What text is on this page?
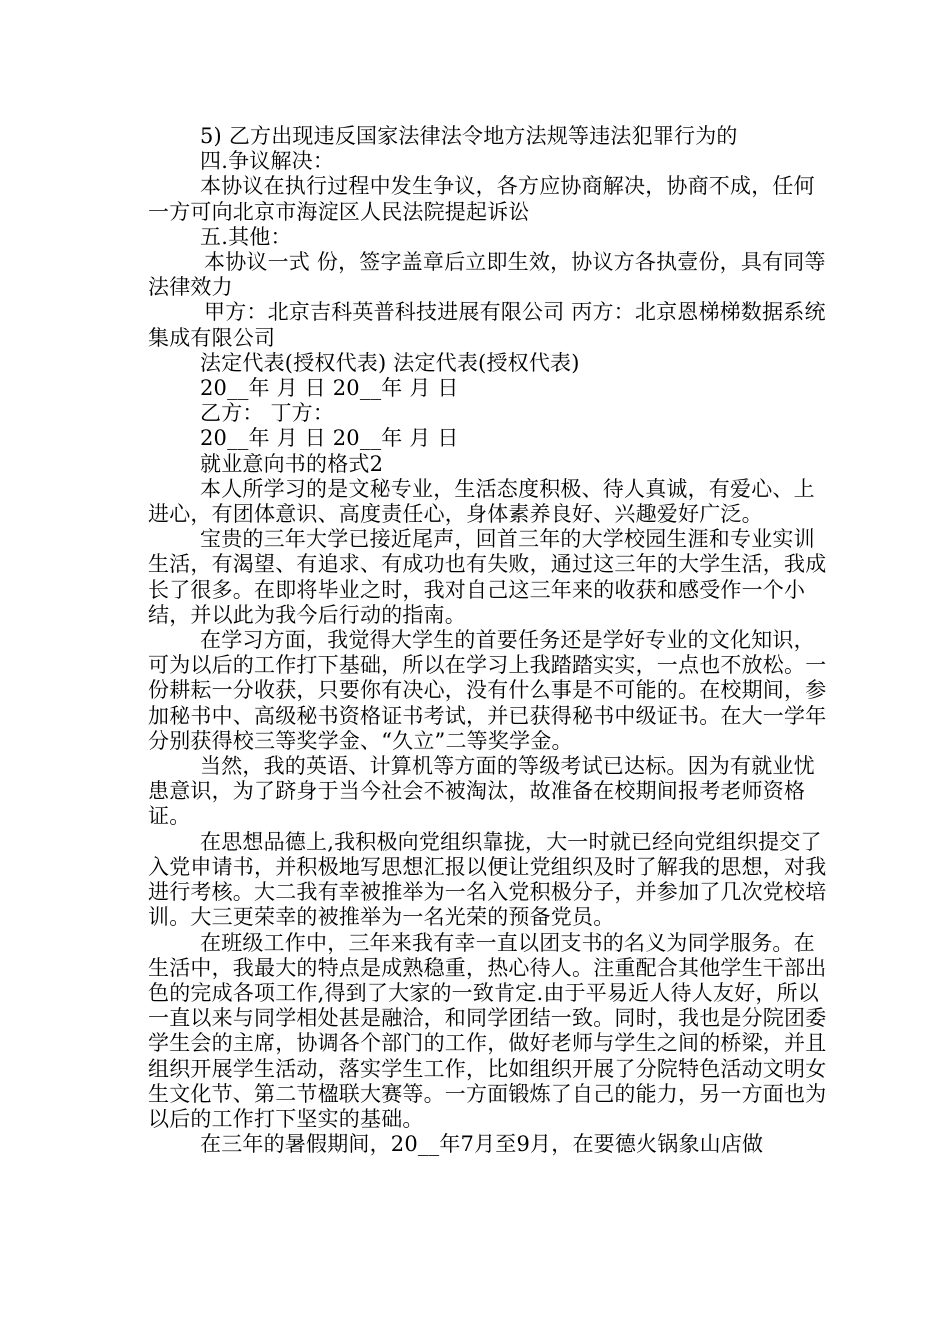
5) 乙方出现违反国家法律法令地方法规等违法犯罪行为的

四.争议解决：

本协议在执行过程中发生争议，各方应协商解决，协商不成，任何一方可向北京市海淀区人民法院提起诉讼

五.其他：

本协议一式 份，签字盖章后立即生效，协议方各执壹份，具有同等法律效力

甲方：北京吉科英普科技进展有限公司 丙方：北京恩梯梯数据系统集成有限公司

法定代表(授权代表) 法定代表(授权代表)

20__年 月 日 20__年 月 日

乙方： 丁方：

20__年 月 日 20__年 月 日

就业意向书的格式2

本人所学习的是文秘专业，生活态度积极、待人真诚，有爱心、上进心，有团体意识、高度责任心，身体素养良好、兴趣爱好广泛。

宝贵的三年大学已接近尾声，回首三年的大学校园生涯和专业实训生活，有渴望、有追求、有成功也有失败，通过这三年的大学生活，我成长了很多。在即将毕业之时，我对自己这三年来的收获和感受作一个小结，并以此为我今后行动的指南。

在学习方面，我觉得大学生的首要任务还是学好专业的文化知识，可为以后的工作打下基础，所以在学习上我踏踏实实，一点也不放松。一份耕耘一分收获，只要你有决心，没有什么事是不可能的。在校期间，参加秘书中、高级秘书资格证书考试，并已获得秘书中级证书。在大一学年分别获得校三等奖学金、“久立”二等奖学金。

当然，我的英语、计算机等方面的等级考试已达标。因为有就业忧患意识，为了跻身于当今社会不被淘汰，故准备在校期间报考老师资格证。

在思想品德上,我积极向党组织靠拢，大一时就已经向党组织提交了入党申请书，并积极地写思想汇报以便让党组织及时了解我的思想，对我进行考核。大二我有幸被推举为一名入党积极分子，并参加了几次党校培训。大三更荣幸的被推举为一名光荣的预备党员。

在班级工作中，三年来我有幸一直以团支书的名义为同学服务。在生活中，我最大的特点是成熟稳重，热心待人。注重配合其他学生干部出色的完成各项工作,得到了大家的一致肯定.由于平易近人待人友好，所以一直以来与同学相处甚是融洽，和同学团结一致。同时，我也是分院团委学生会的主席，协调各个部门的工作，做好老师与学生之间的桥梁，并且组织开展学生活动，落实学生工作，比如组织开展了分院特色活动文明女生文化节、第二节楹联大赛等。一方面锻炼了自己的能力，另一方面也为以后的工作打下坚实的基础。

在三年的暑假期间，20__年7月至9月，在要德火锅象山店做
